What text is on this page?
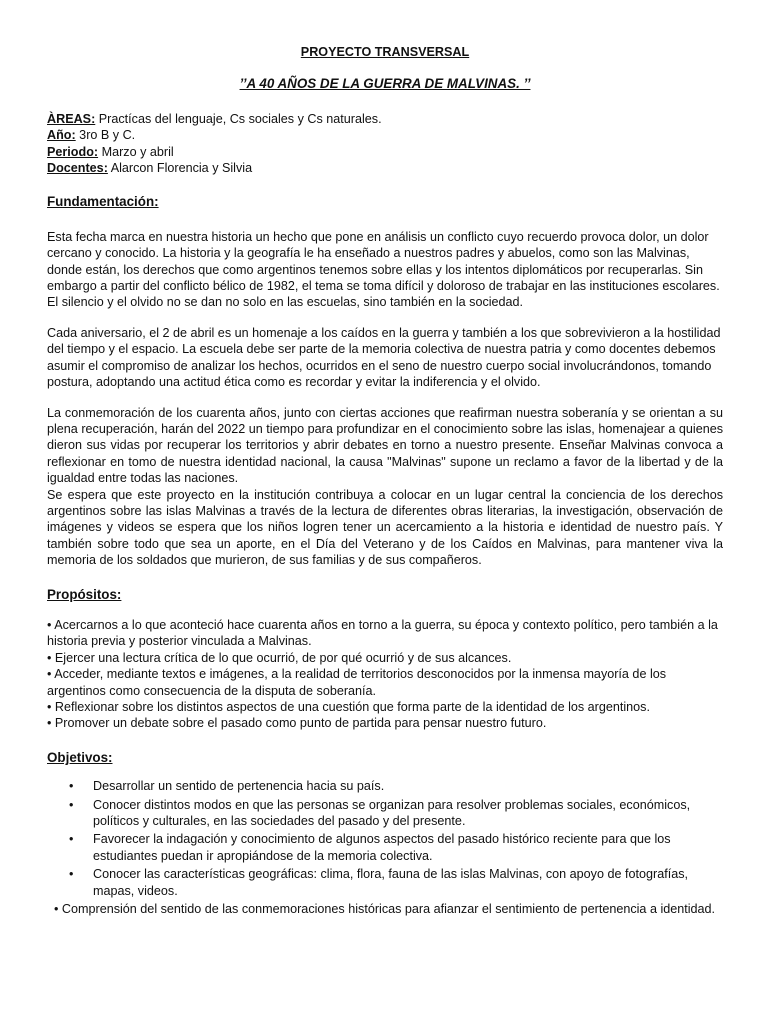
PROYECTO TRANSVERSAL
’’A 40 AÑOS DE LA GUERRA DE MALVINAS. ’’
ÀREAS: Practícas del lenguaje, Cs sociales y Cs naturales.
Año: 3ro B y C.
Periodo: Marzo y abril
Docentes: Alarcon Florencia y Silvia
Fundamentación:

Esta fecha marca en nuestra historia un hecho que pone en análisis un conflicto cuyo recuerdo provoca dolor, un dolor cercano y conocido. La historia y la geografía le ha enseñado a nuestros padres y abuelos, como son las Malvinas, donde están, los derechos que como argentinos tenemos sobre ellas y los intentos diplomáticos por recuperarlas. Sin embargo a partir del conflicto bélico de 1982, el tema se toma difícil y doloroso de trabajar en las instituciones escolares. El silencio y el olvido no se dan no solo en las escuelas, sino también en la sociedad.

Cada aniversario, el 2 de abril es un homenaje a los caídos en la guerra y también a los que sobrevivieron a la hostilidad del tiempo y el espacio. La escuela debe ser parte de la memoria colectiva de nuestra patria y como docentes debemos asumir el compromiso de analizar los hechos, ocurridos en el seno de nuestro cuerpo social involucrándonos, tomando postura, adoptando una actitud ética como es recordar y evitar la indiferencia y el olvido.

La conmemoración de los cuarenta años, junto con ciertas acciones que reafirman nuestra soberanía y se orientan a su plena recuperación, harán del 2022 un tiempo para profundizar en el conocimiento sobre las islas, homenajear a quienes dieron sus vidas por recuperar los territorios y abrir debates en torno a nuestro presente. Enseñar Malvinas convoca a reflexionar en tomo de nuestra identidad nacional, la causa "Malvinas" supone un reclamo a favor de la libertad y de la igualdad entre todas las naciones.

Se espera que este proyecto en la institución contribuya a colocar en un lugar central la conciencia de los derechos argentinos sobre las islas Malvinas a través de la lectura de diferentes obras literarias, la investigación, observación de imágenes y videos se espera que los niños logren tener un acercamiento a la historia e identidad de nuestro país. Y también sobre todo que sea un aporte, en el Día del Veterano y de los Caídos en Malvinas, para mantener viva la memoria de los soldados que murieron, de sus familias y de sus compañeros.

Propósitos:
• Acercarnos a lo que aconteció hace cuarenta años en torno a la guerra, su época y contexto político, pero también a la historia previa y posterior vinculada a Malvinas.
• Ejercer una lectura crítica de lo que ocurrió, de por qué ocurrió y de sus alcances.
• Acceder, mediante textos e imágenes, a la realidad de territorios desconocidos por la inmensa mayoría de los argentinos como consecuencia de la disputa de soberanía.
• Reflexionar sobre los distintos aspectos de una cuestión que forma parte de la identidad de los argentinos.
• Promover un debate sobre el pasado como punto de partida para pensar nuestro futuro.
Objetivos:
• Desarrollar un sentido de pertenencia hacia su país.
• Conocer distintos modos en que las personas se organizan para resolver problemas sociales, económicos, políticos y culturales, en las sociedades del pasado y del presente.
• Favorecer la indagación y conocimiento de algunos aspectos del pasado histórico reciente para que los estudiantes puedan ir apropiándose de la memoria colectiva.
• Conocer las características geográficas: clima, flora, fauna de las islas Malvinas, con apoyo de fotografías, mapas, videos.
• Comprensión del sentido de las conmemoraciones históricas para afianzar el sentimiento de pertenencia a identidad.
